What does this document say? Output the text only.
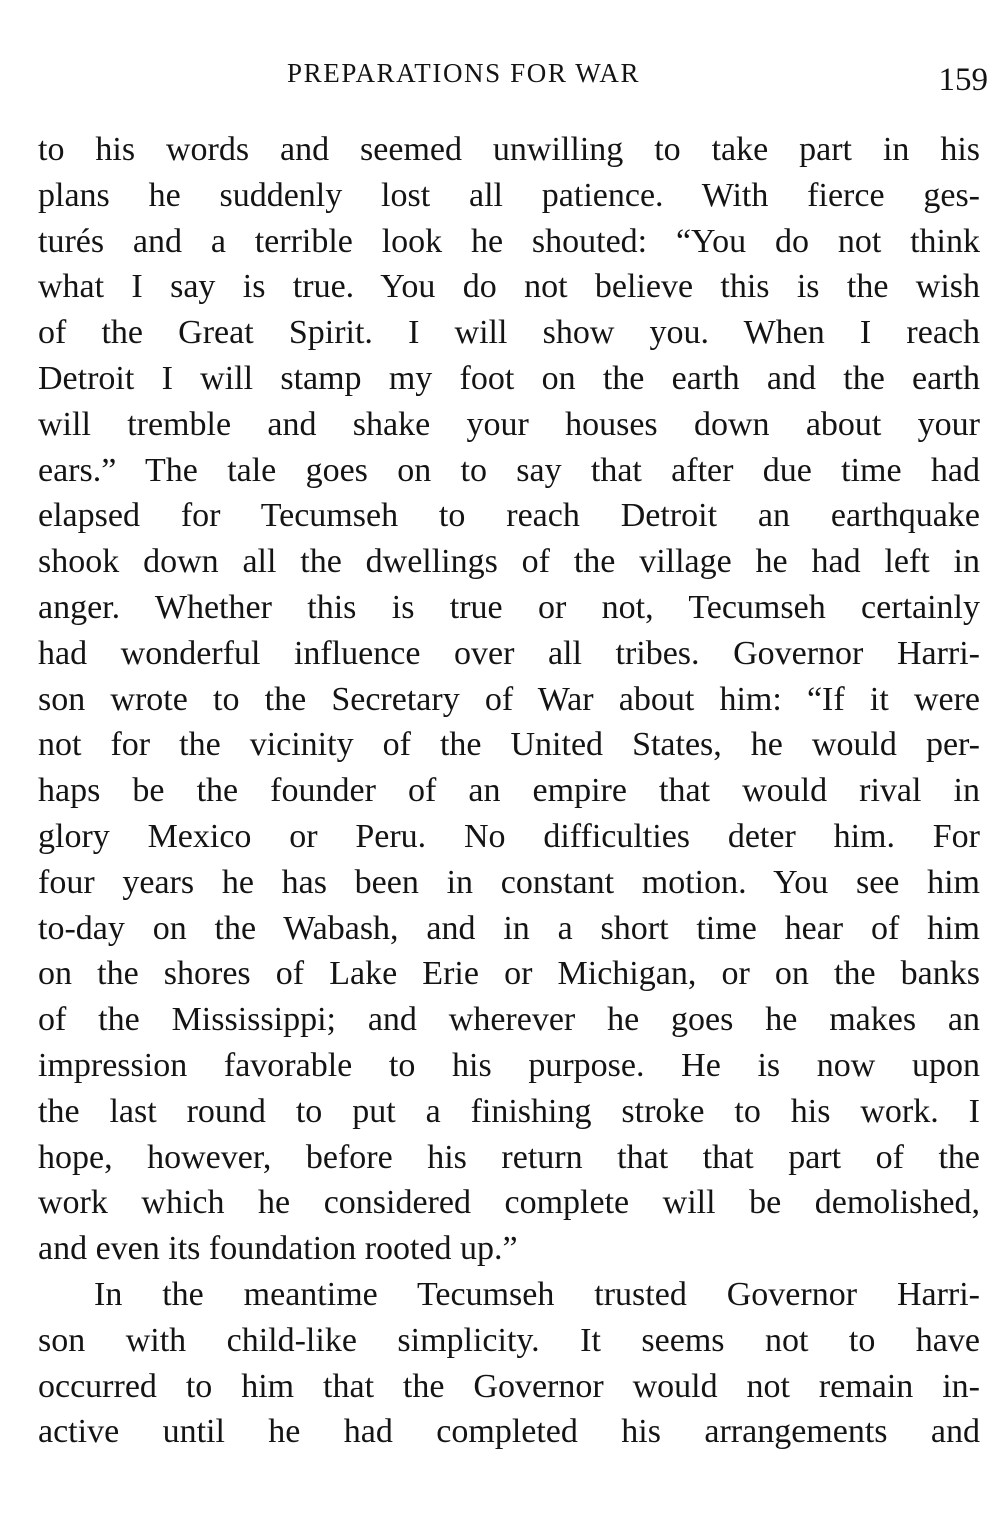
PREPARATIONS FOR WAR	159
to his words and seemed unwilling to take part in his
plans he suddenly lost all patience. With fierce ges-
turés and a terrible look he shouted: “You do not think
what I say is true. You do not believe this is the wish
of the Great Spirit. I will show you. When I reach
Detroit I will stamp my foot on the earth and the earth
will tremble and shake your houses down about your
ears.” The tale goes on to say that after due time had
elapsed for Tecumseh to reach Detroit an earthquake
shook down all the dwellings of the village he had left in
anger. Whether this is true or not, Tecumseh certainly
had wonderful influence over all tribes. Governor Harri-
son wrote to the Secretary of War about him: “If it were
not for the vicinity of the United States, he would per-
haps be the founder of an empire that would rival in
glory Mexico or Peru. No difficulties deter him. For
four years he has been in constant motion. You see him
to-day on the Wabash, and in a short time hear of him
on the shores of Lake Erie or Michigan, or on the banks
of the Mississippi; and wherever he goes he makes an
impression favorable to his purpose. He is now upon
the last round to put a finishing stroke to his work. I
hope, however, before his return that that part of the
work which he considered complete will be demolished,
and even its foundation rooted up.”
In the meantime Tecumseh trusted Governor Harri-
son with child-like simplicity. It seems not to have
occurred to him that the Governor would not remain in-
active until he had completed his arrangements and
